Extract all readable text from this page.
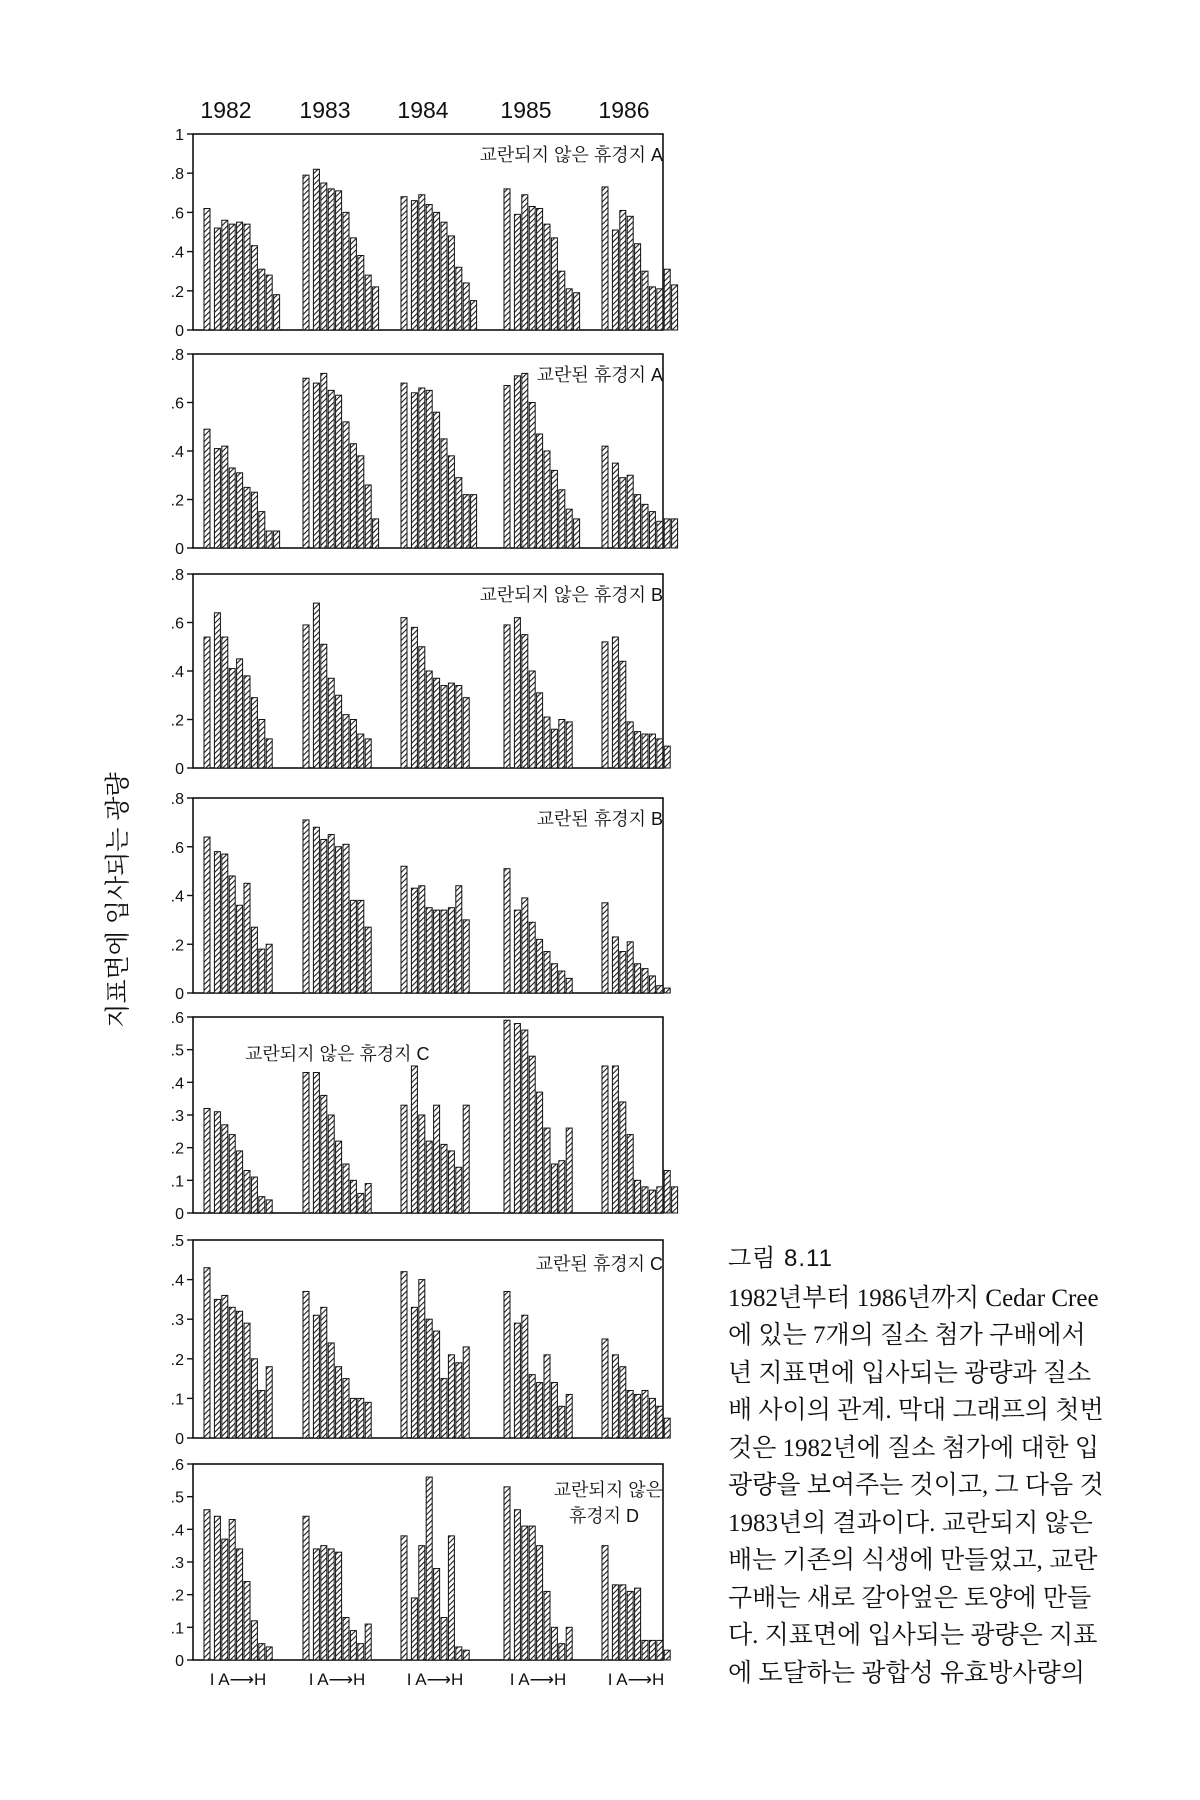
1982 1983 1984 1985 1986
지표면에 입사되는 광량
0
.2
.4
.6
.8
1
교란되지 않은 휴경지 A
0
.2
.4
.6
.8
교란된 휴경지 A
0
.2
.4
.6
.8
교란되지 않은 휴경지 B
0
.2
.4
.6
.8
교란된 휴경지 B
0
.1
.2
.3
.4
.5
.6
교란되지 않은 휴경지 C
0
.1
.2
.3
.4
.5
교란된 휴경지 C
0
.1
.2
.3
.4
.5
.6
교란되지 않은
휴경지 D
I A⟶H	I A⟶H I A⟶H	I A⟶H I A⟶H
그림 8.11
1982년부터 1986년까지 Cedar Cree
에 있는 7개의 질소 첨가 구배에서
년 지표면에 입사되는 광량과 질소
배 사이의 관계. 막대 그래프의 첫번
것은 1982년에 질소 첨가에 대한 입
광량을 보여주는 것이고, 그 다음 것
1983년의 결과이다. 교란되지 않은
배는 기존의 식생에 만들었고, 교란
구배는 새로 갈아엎은 토양에 만들
다. 지표면에 입사되는 광량은 지표
에 도달하는 광합성 유효방사량의
